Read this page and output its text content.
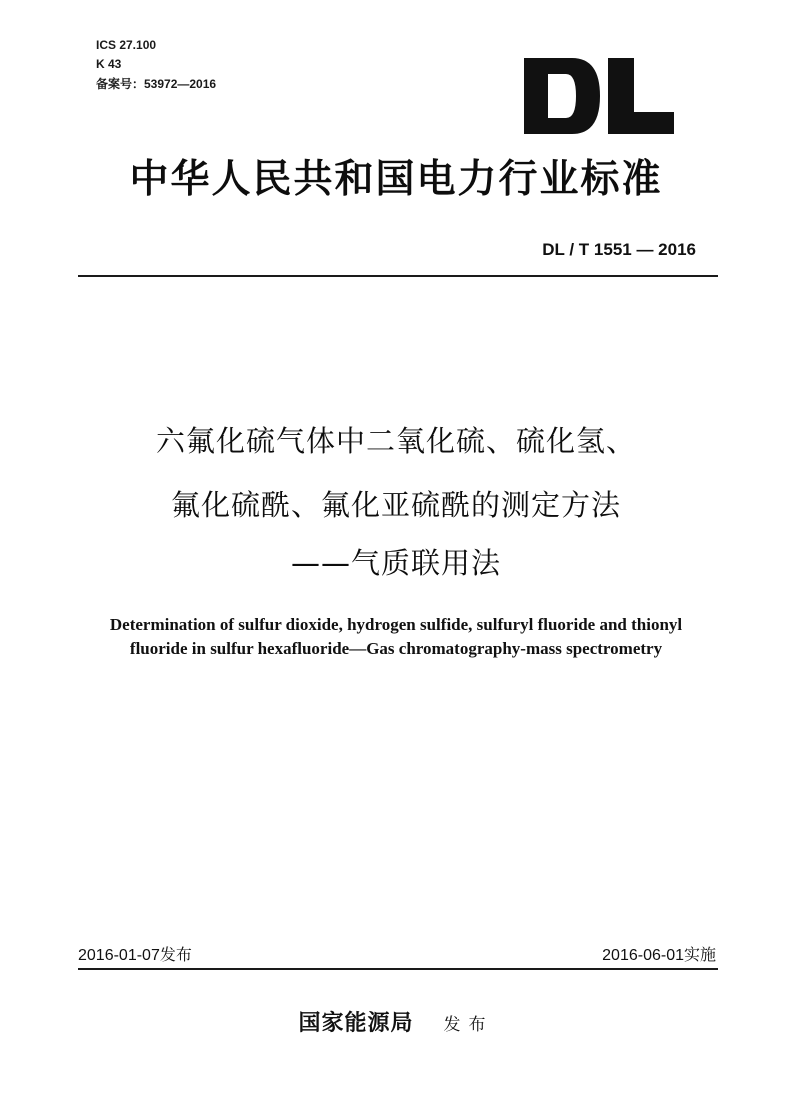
ICS 27.100
K 43
备案号：53972—2016
中华人民共和国电力行业标准
DL / T 1551 — 2016
六氟化硫气体中二氧化硫、硫化氢、
氟化硫酰、氟化亚硫酰的测定方法
——气质联用法
Determination of sulfur dioxide, hydrogen sulfide, sulfuryl fluoride and thionyl
fluoride in sulfur hexafluoride—Gas chromatography-mass spectrometry
2016-01-07发布	2016-06-01实施
国家能源局 发布
